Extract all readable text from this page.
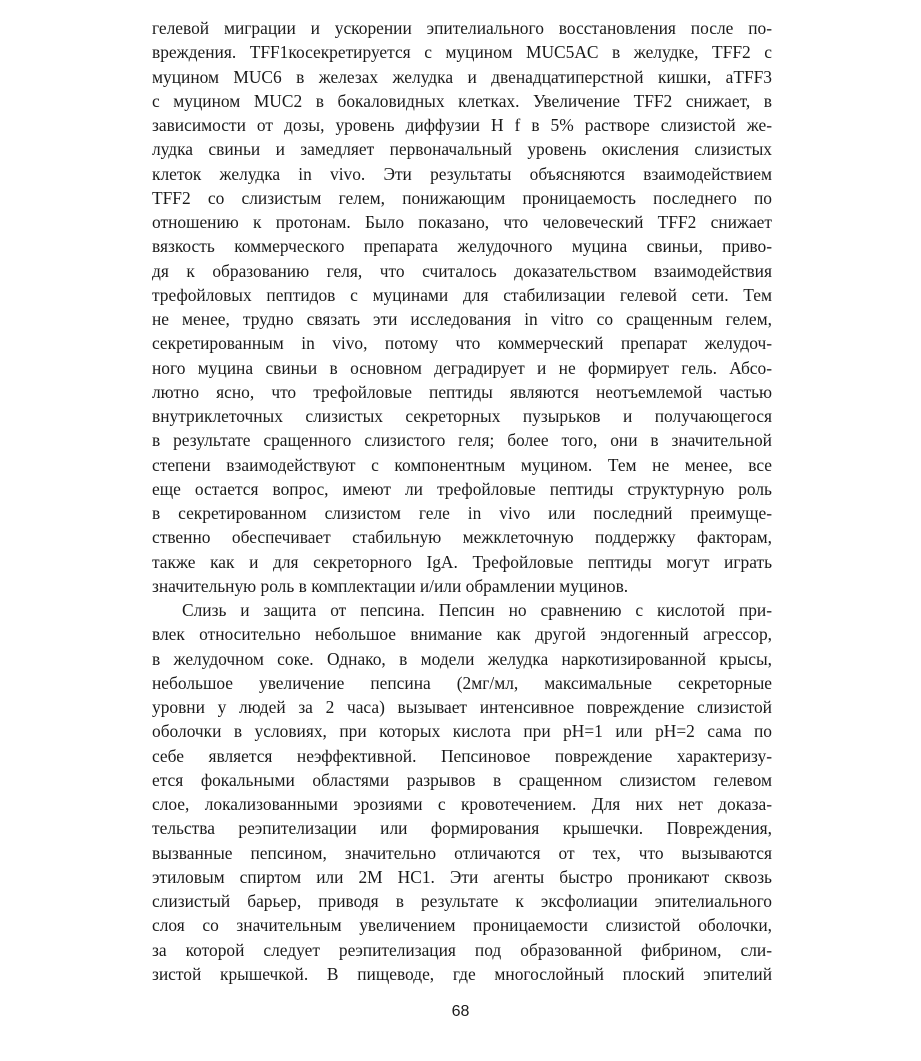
гелевой миграции и ускорении эпителиального восстановления после по-
вреждения. TFF1косекретируется с муцином MUC5AC в желудке, TFF2 с
муцином MUC6 в железах желудка и двенадцатиперстной кишки, aTFF3
с муцином MUC2 в бокаловидных клетках. Увеличение TFF2 снижает, в
зависимости от дозы, уровень диффузии H f в 5% растворе слизистой же-
лудка свиньи и замедляет первоначальный уровень окисления слизистых
клеток желудка in vivo. Эти результаты объясняются взаимодействием
TFF2 со слизистым гелем, понижающим проницаемость последнего по
отношению к протонам. Было показано, что человеческий TFF2 снижает
вязкость коммерческого препарата желудочного муцина свиньи, приво-
дя к образованию геля, что считалось доказательством взаимодействия
трефойловых пептидов с муцинами для стабилизации гелевой сети. Тем
не менее, трудно связать эти исследования in vitro со сращенным гелем,
секретированным in vivo, потому что коммерческий препарат желудоч-
ного муцина свиньи в основном деградирует и не формирует гель. Абсо-
лютно ясно, что трефойловые пептиды являются неотъемлемой частью
внутриклеточных слизистых секреторных пузырьков и получающегося
в результате сращенного слизистого геля; более того, они в значительной
степени взаимодействуют с компонентным муцином. Тем не менее, все
еще остается вопрос, имеют ли трефойловые пептиды структурную роль
в секретированном слизистом геле in vivo или последний преимуще-
ственно обеспечивает стабильную межклеточную поддержку факторам,
также как и для секреторного IgA. Трефойловые пептиды могут играть
значительную роль в комплектации и/или обрамлении муцинов.
Слизь и защита от пепсина. Пепсин но сравнению с кислотой при-
влек относительно небольшое внимание как другой эндогенный агрессор,
в желудочном соке. Однако, в модели желудка наркотизированной крысы,
небольшое увеличение пепсина (2мг/мл, максимальные секреторные
уровни у людей за 2 часа) вызывает интенсивное повреждение слизистой
оболочки в условиях, при которых кислота при pH=1 или pH=2 сама по
себе является неэффективной. Пепсиновое повреждение характеризу-
ется фокальными областями разрывов в сращенном слизистом гелевом
слое, локализованными эрозиями с кровотечением. Для них нет доказа-
тельства реэпителизации или формирования крышечки. Повреждения,
вызванные пепсином, значительно отличаются от тех, что вызываются
этиловым спиртом или 2M HC1. Эти агенты быстро проникают сквозь
слизистый барьер, приводя в результате к эксфолиации эпителиального
слоя со значительным увеличением проницаемости слизистой оболочки,
за которой следует реэпителизация под образованной фибрином, сли-
зистой крышечкой. В пищеводе, где многослойный плоский эпителий
68
